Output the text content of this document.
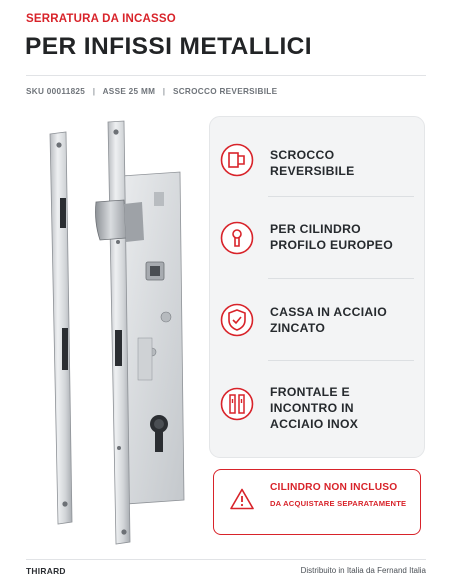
SERRATURA DA INCASSO
PER INFISSI METALLICI
SKU 00011825 | ASSE 25 MM | SCROCCO REVERSIBILE
SCROCCO
REVERSIBILE
PER CILINDRO
PROFILO EUROPEO
CASSA IN ACCIAIO
ZINCATO
FRONTALE E
INCONTRO IN
ACCIAIO INOX
CILINDRO NON INCLUSO
DA ACQUISTARE SEPARATAMENTE
THIRARD	Distribuito in Italia da Fernand Italia
